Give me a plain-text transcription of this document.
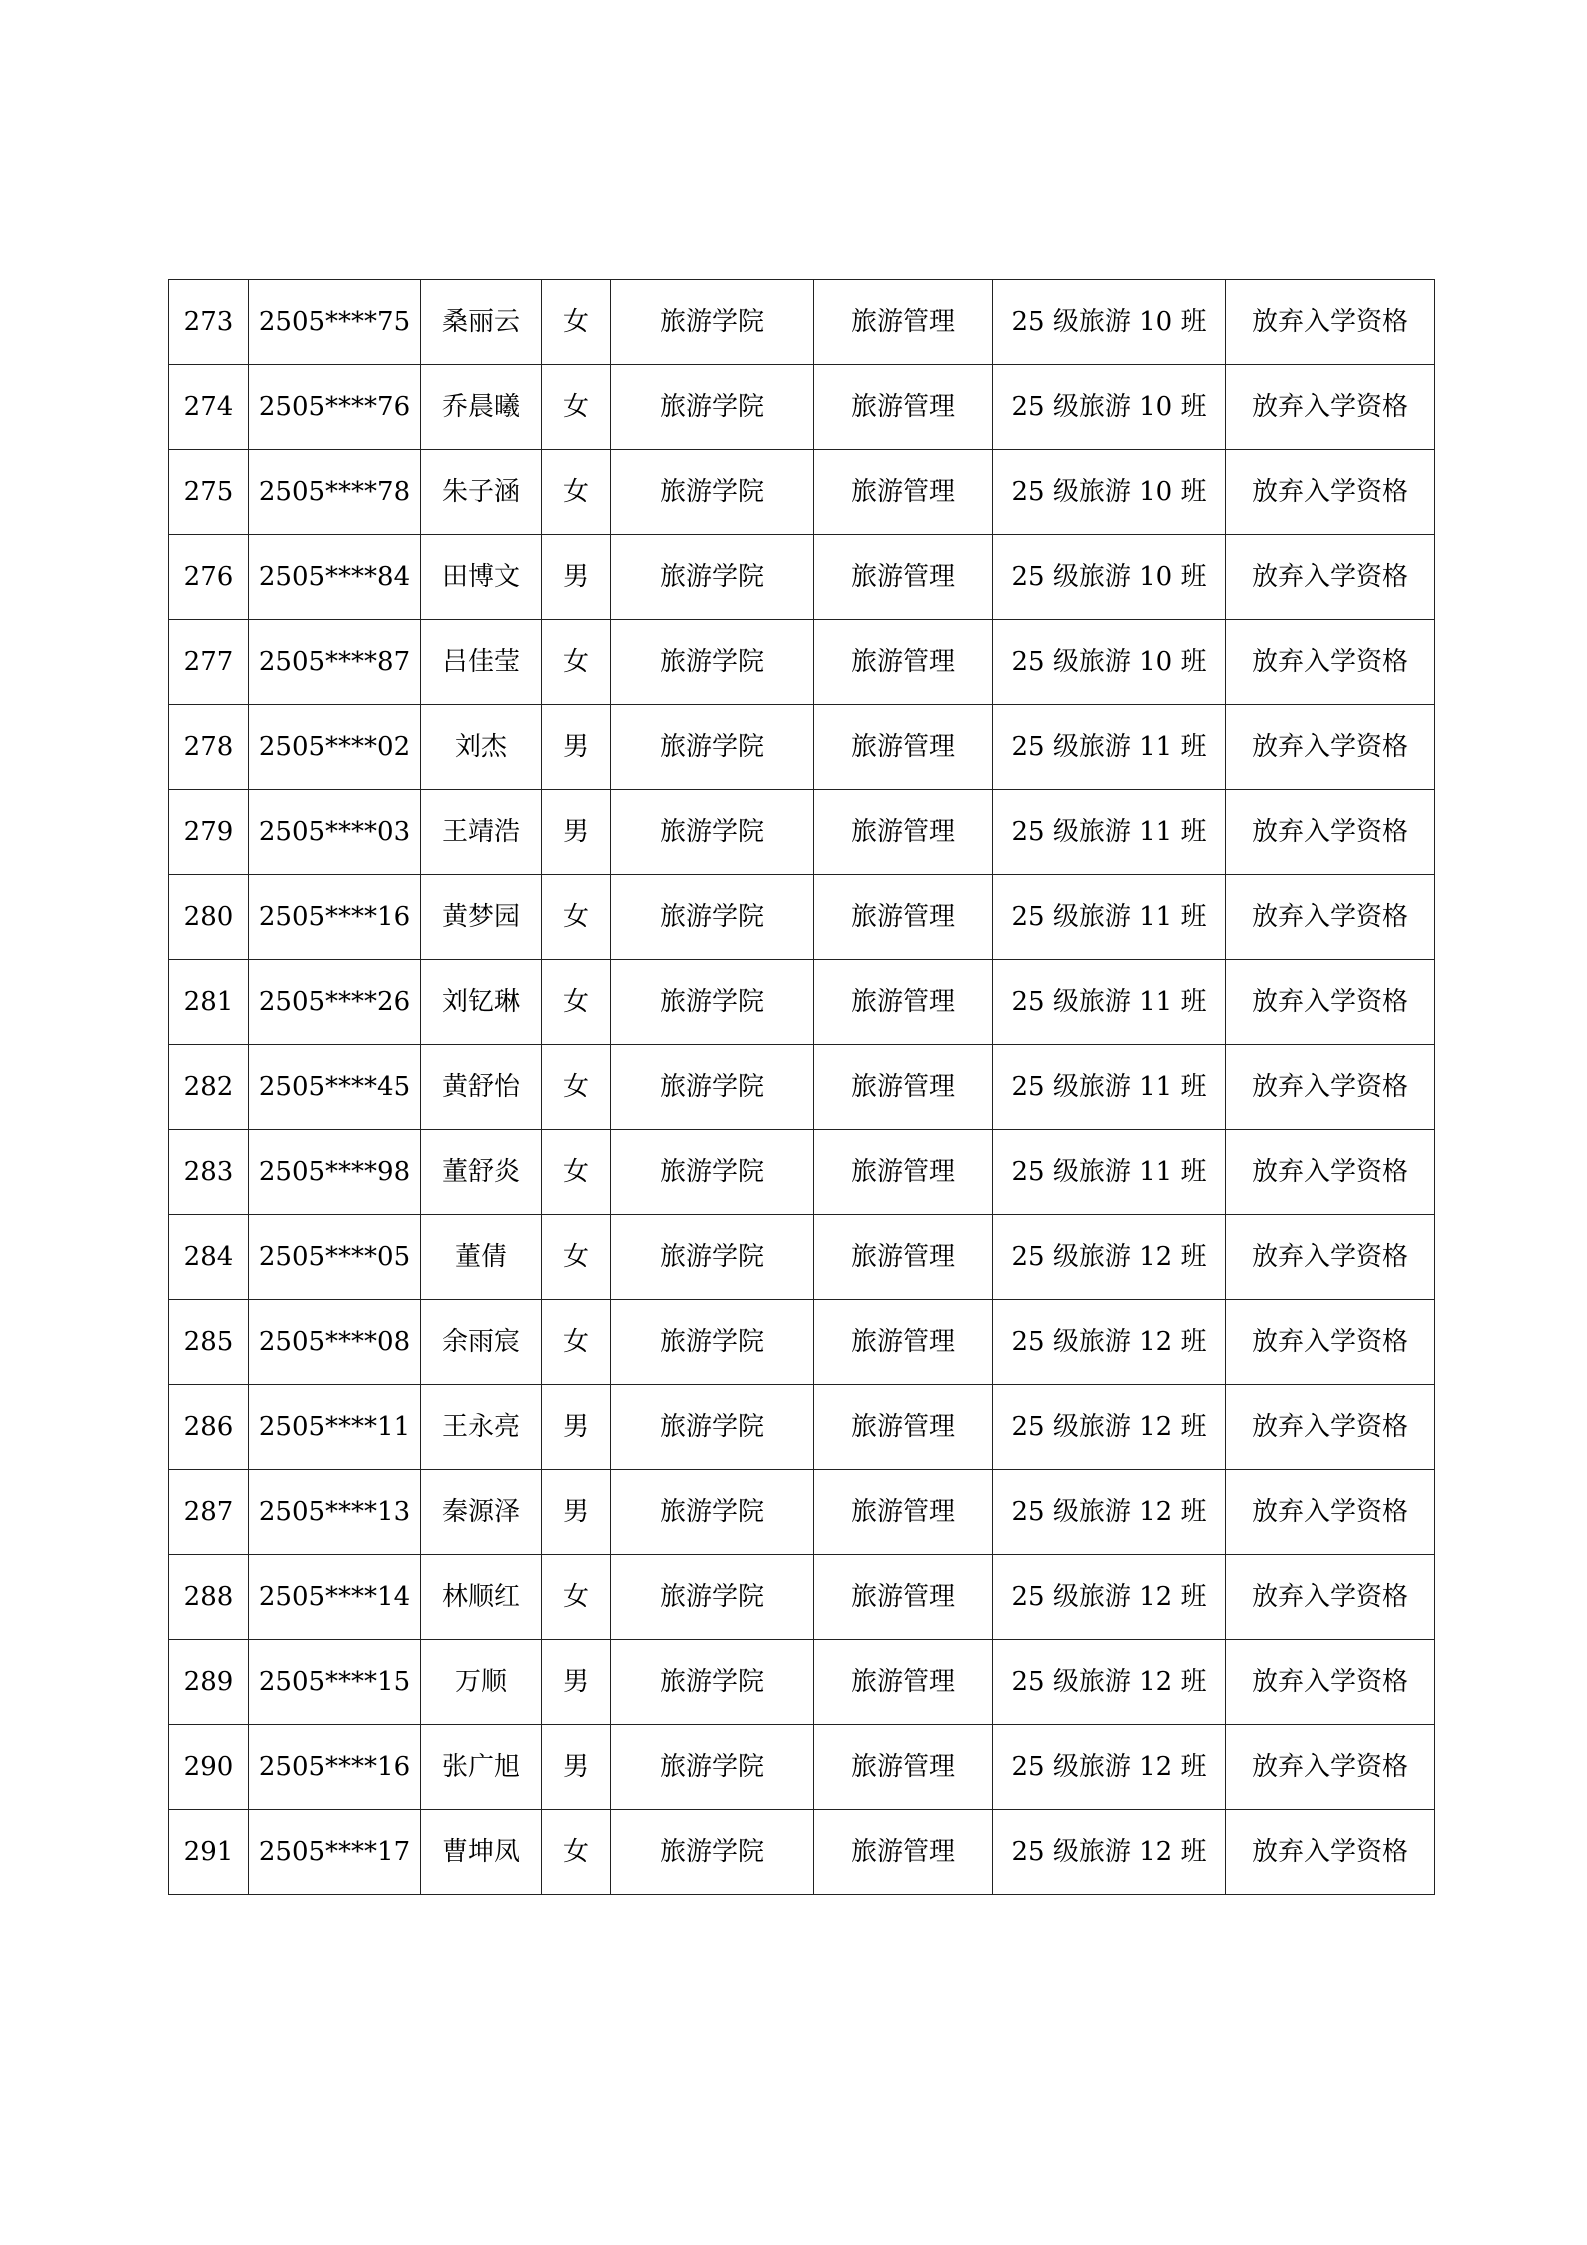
273	2505****75	桑丽云	女	旅游学院	旅游管理	25 级旅游 10 班	放弃入学资格
274	2505****76	乔晨曦	女	旅游学院	旅游管理	25 级旅游 10 班	放弃入学资格
275	2505****78	朱子涵	女	旅游学院	旅游管理	25 级旅游 10 班	放弃入学资格
276	2505****84	田博文	男	旅游学院	旅游管理	25 级旅游 10 班	放弃入学资格
277	2505****87	吕佳莹	女	旅游学院	旅游管理	25 级旅游 10 班	放弃入学资格
278	2505****02	刘杰	男	旅游学院	旅游管理	25 级旅游 11 班	放弃入学资格
279	2505****03	王靖浩	男	旅游学院	旅游管理	25 级旅游 11 班	放弃入学资格
280	2505****16	黄梦园	女	旅游学院	旅游管理	25 级旅游 11 班	放弃入学资格
281	2505****26	刘钇琳	女	旅游学院	旅游管理	25 级旅游 11 班	放弃入学资格
282	2505****45	黄舒怡	女	旅游学院	旅游管理	25 级旅游 11 班	放弃入学资格
283	2505****98	董舒炎	女	旅游学院	旅游管理	25 级旅游 11 班	放弃入学资格
284	2505****05	董倩	女	旅游学院	旅游管理	25 级旅游 12 班	放弃入学资格
285	2505****08	余雨宸	女	旅游学院	旅游管理	25 级旅游 12 班	放弃入学资格
286	2505****11	王永亮	男	旅游学院	旅游管理	25 级旅游 12 班	放弃入学资格
287	2505****13	秦源泽	男	旅游学院	旅游管理	25 级旅游 12 班	放弃入学资格
288	2505****14	林顺红	女	旅游学院	旅游管理	25 级旅游 12 班	放弃入学资格
289	2505****15	万顺	男	旅游学院	旅游管理	25 级旅游 12 班	放弃入学资格
290	2505****16	张广旭	男	旅游学院	旅游管理	25 级旅游 12 班	放弃入学资格
291	2505****17	曹坤凤	女	旅游学院	旅游管理	25 级旅游 12 班	放弃入学资格
